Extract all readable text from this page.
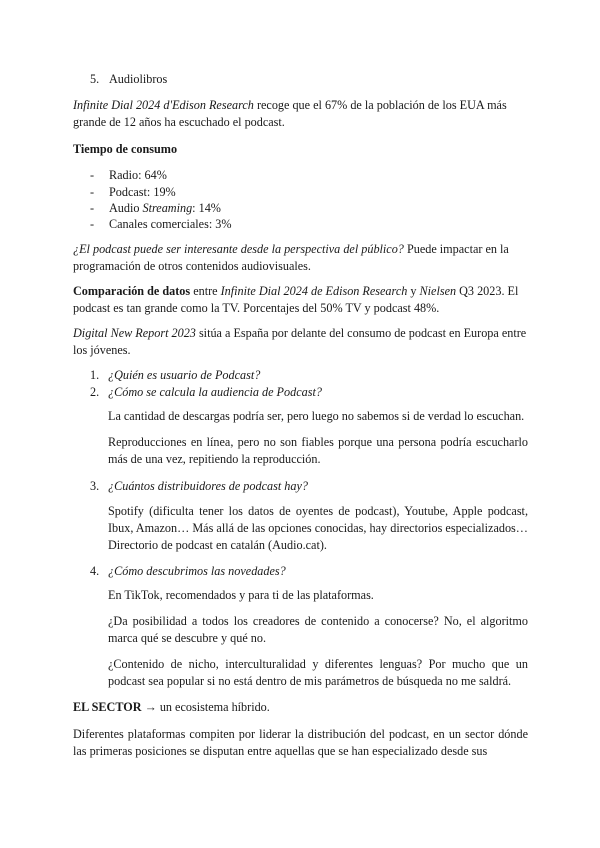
5. Audiolibros

Infinite Dial 2024 d'Edison Research recoge que el 67% de la población de los EUA más
grande de 12 años ha escuchado el podcast.

Tiempo de consumo

- Radio: 64%
- Podcast: 19%
- Audio Streaming: 14%
- Canales comerciales: 3%

¿El podcast puede ser interesante desde la perspectiva del público? Puede impactar en la
programación de otros contenidos audiovisuales.

Comparación de datos entre Infinite Dial 2024 de Edison Research y Nielsen Q3 2023. El
podcast es tan grande como la TV. Porcentajes del 50% TV y podcast 48%.

Digital New Report 2023 sitúa a España por delante del consumo de podcast en Europa entre
los jóvenes.

1. ¿Quién es usuario de Podcast?
2. ¿Cómo se calcula la audiencia de Podcast?

La cantidad de descargas podría ser, pero luego no sabemos si de verdad lo escuchan.

Reproducciones en línea, pero no son fiables porque una persona podría escucharlo más de una vez, repitiendo la reproducción.

3. ¿Cuántos distribuidores de podcast hay?

Spotify (dificulta tener los datos de oyentes de podcast), Youtube, Apple podcast, Ibux, Amazon… Más allá de las opciones conocidas, hay directorios especializados… Directorio de podcast en catalán (Audio.cat).

4. ¿Cómo descubrimos las novedades?

En TikTok, recomendados y para ti de las plataformas.

¿Da posibilidad a todos los creadores de contenido a conocerse? No, el algoritmo marca qué se descubre y qué no.

¿Contenido de nicho, interculturalidad y diferentes lenguas? Por mucho que un podcast sea popular si no está dentro de mis parámetros de búsqueda no me saldrá.

EL SECTOR → un ecosistema híbrido.

Diferentes plataformas compiten por liderar la distribución del podcast, en un sector dónde las primeras posiciones se disputan entre aquellas que se han especializado desde sus
